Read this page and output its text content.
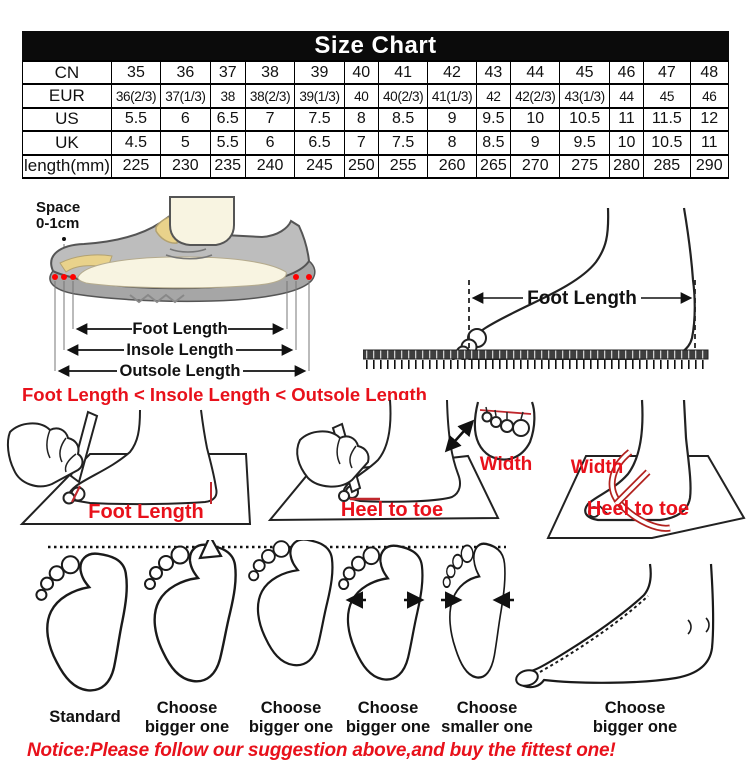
Size Chart
CN	35	36	37	38	39	40	41	42	43	44	45	46	47	48
EUR	36(2/3)	37(1/3)	38	38(2/3)	39(1/3)	40	40(2/3)	41(1/3)	42	42(2/3)	43(1/3)	44	45	46
US	5.5	6	6.5	7	7.5	8	8.5	9	9.5	10	10.5	11	11.5	12
UK	4.5	5	5.5	6	6.5	7	7.5	8	8.5	9	9.5	10	10.5	11
length(mm)	225	230	235	240	245	250	255	260	265	270	275	280	285	290
Space
0-1cm
Foot Length
Insole Length
Outsole Length
Foot Length
Foot Length < Insole Length < Outsole Length
Foot Length	Heel to toe
Width Width
Heel to toe
Standard
Choose
bigger one
Choose
bigger one
Choose
bigger one
Choose
smaller one
Choose
bigger one
Notice:Please follow our suggestion above,and buy the fittest one!
